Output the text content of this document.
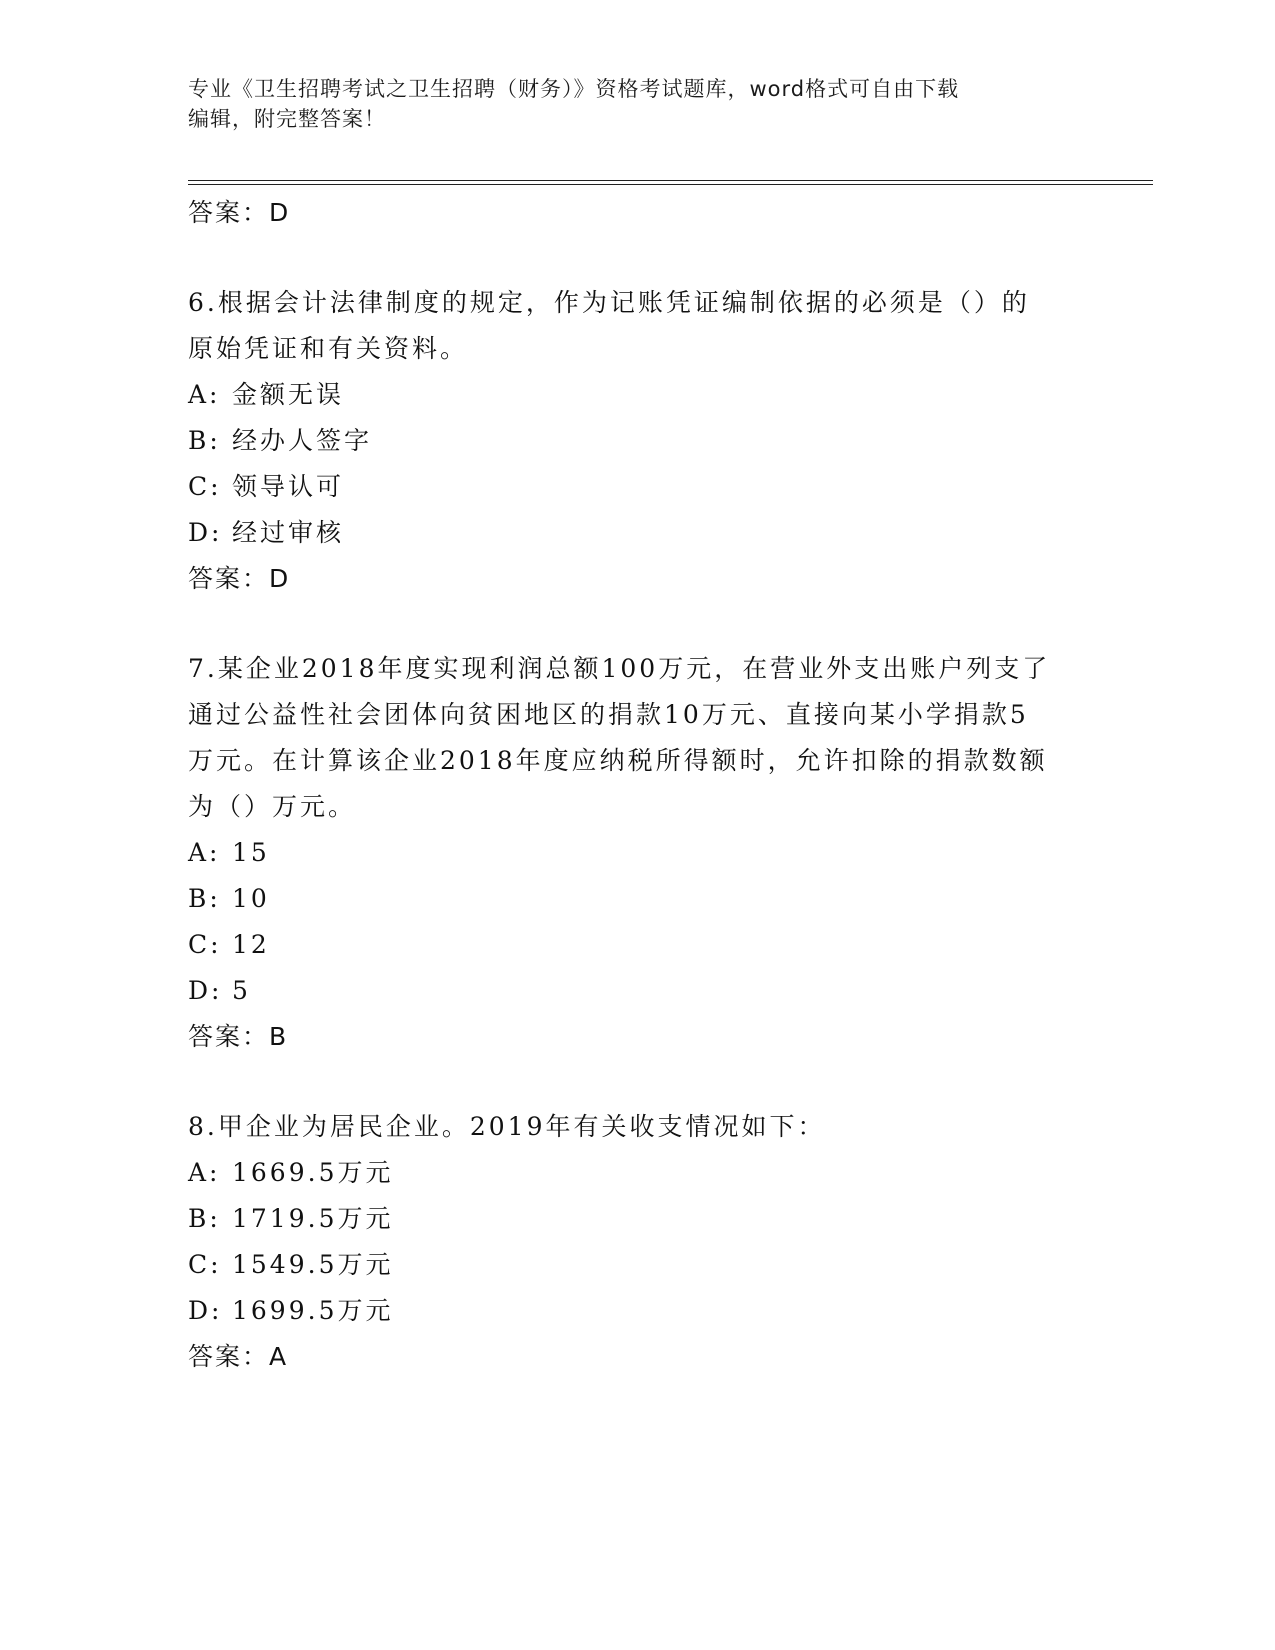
专业《卫生招聘考试之卫生招聘（财务）》资格考试题库，word格式可自由下载
编辑，附完整答案！
答案：D
6.根据会计法律制度的规定，作为记账凭证编制依据的必须是（）的
原始凭证和有关资料。
A: 金额无误
B: 经办人签字
C: 领导认可
D: 经过审核
答案：D
7.某企业2018年度实现利润总额100万元，在营业外支出账户列支了
通过公益性社会团体向贫困地区的捐款10万元、直接向某小学捐款5
万元。在计算该企业2018年度应纳税所得额时，允许扣除的捐款数额
为（）万元。
A: 15
B: 10
C: 12
D: 5
答案：B
8.甲企业为居民企业。2019年有关收支情况如下：
A: 1669.5万元
B: 1719.5万元
C: 1549.5万元
D: 1699.5万元
答案：A
